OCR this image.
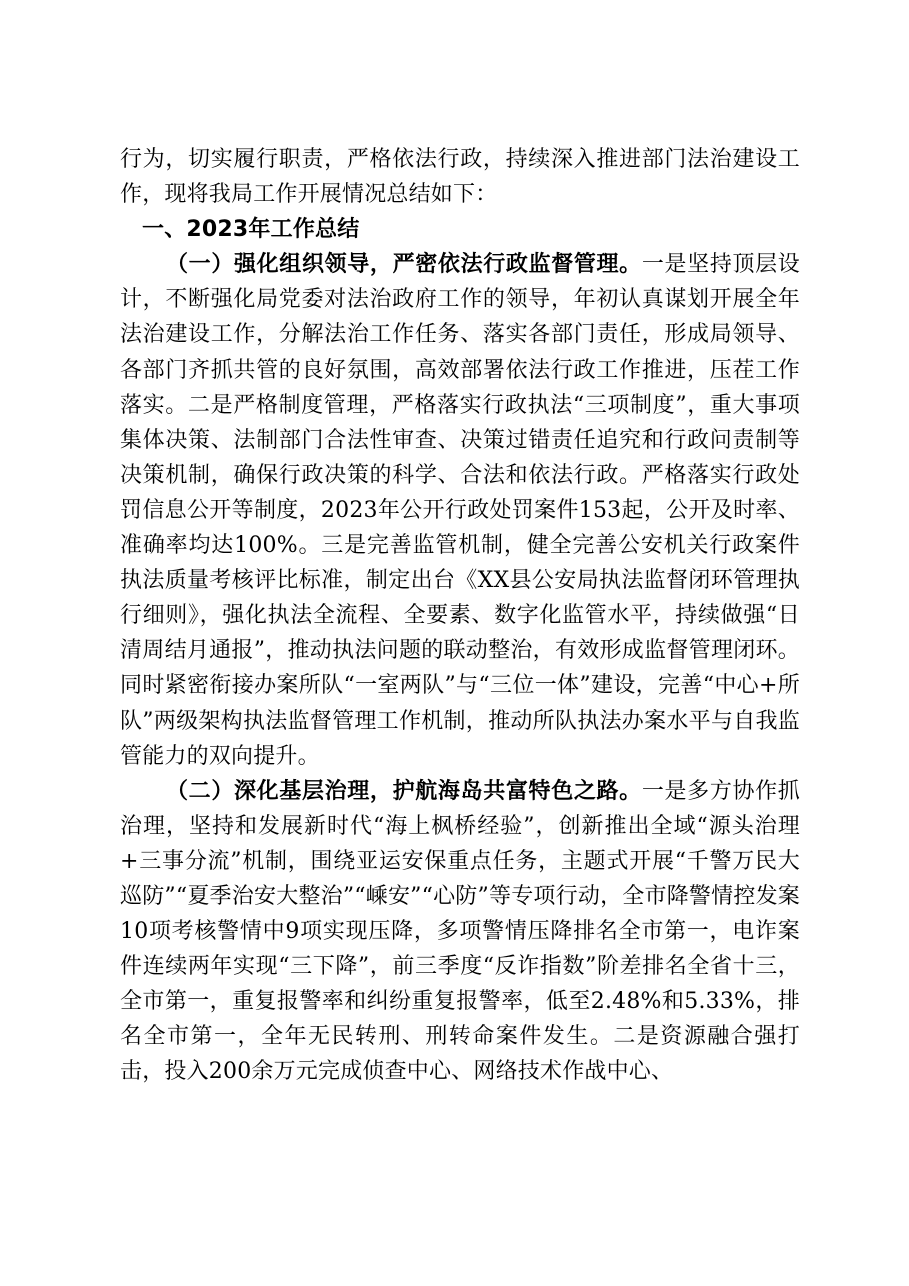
行为，切实履行职责，严格依法行政，持续深入推进部门法治建设工作，现将我局工作开展情况总结如下：

一、2023年工作总结

（一）强化组织领导，严密依法行政监督管理。一是坚持顶层设计，不断强化局党委对法治政府工作的领导，年初认真谋划开展全年法治建设工作，分解法治工作任务、落实各部门责任，形成局领导、各部门齐抓共管的良好氛围，高效部署依法行政工作推进，压茬工作落实。二是严格制度管理，严格落实行政执法“三项制度”，重大事项集体决策、法制部门合法性审查、决策过错责任追究和行政问责制等决策机制，确保行政决策的科学、合法和依法行政。严格落实行政处罚信息公开等制度，2023年公开行政处罚案件153起，公开及时率、准确率均达100%。三是完善监管机制，健全完善公安机关行政案件执法质量考核评比标准，制定出台《XX县公安局执法监督闭环管理执行细则》，强化执法全流程、全要素、数字化监管水平，持续做强“日清周结月通报”，推动执法问题的联动整治，有效形成监督管理闭环。同时紧密衔接办案所队“一室两队”与“三位一体”建设，完善“中心+所队”两级架构执法监督管理工作机制，推动所队执法办案水平与自我监管能力的双向提升。

（二）深化基层治理，护航海岛共富特色之路。一是多方协作抓治理，坚持和发展新时代“海上枫桥经验”，创新推出全域“源头治理+三事分流”机制，围绕亚运安保重点任务，主题式开展“千警万民大巡防”“夏季治安大整治”“嵊安”“心防”等专项行动，全市降警情控发案10项考核警情中9项实现压降，多项警情压降排名全市第一，电诈案件连续两年实现“三下降”，前三季度“反诈指数”阶差排名全省十三，全市第一，重复报警率和纠纷重复报警率，低至2.48%和5.33%，排名全市第一，全年无民转刑、刑转命案件发生。二是资源融合强打击，投入200余万元完成侦查中心、网络技术作战中心、
